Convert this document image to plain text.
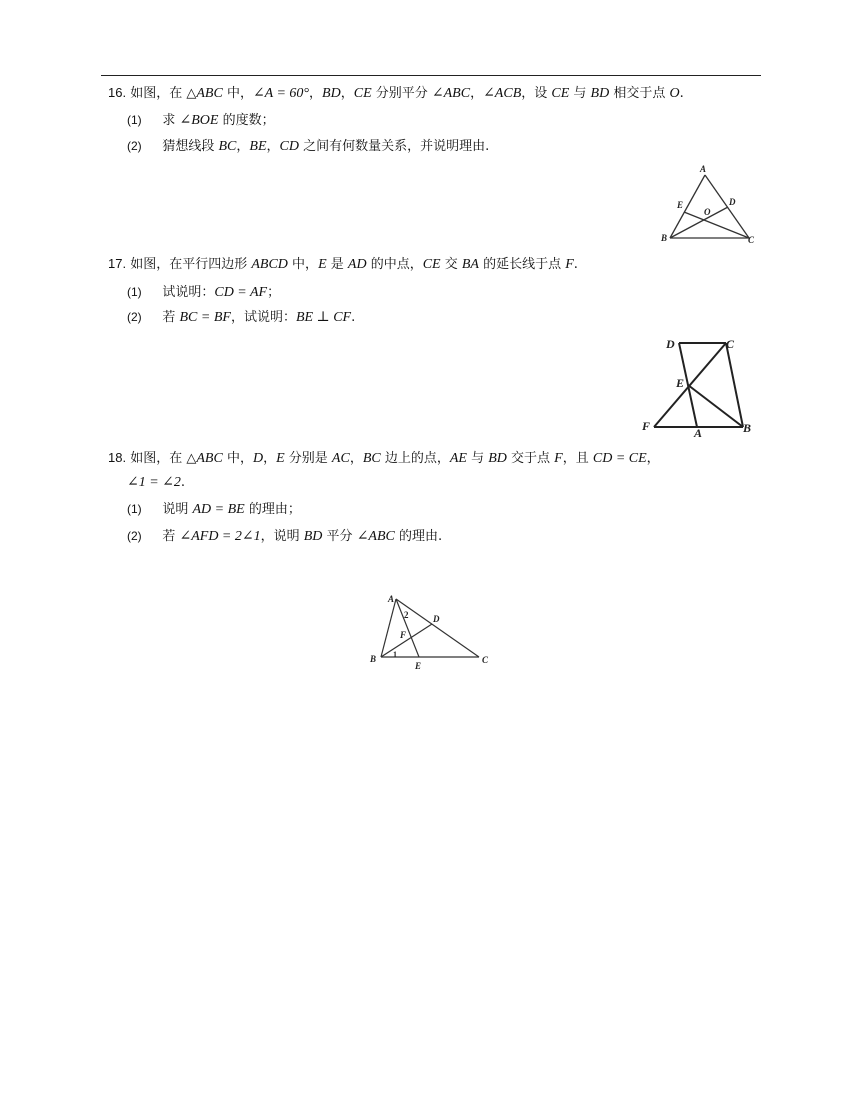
16. 如图，在 △ABC 中，∠A = 60°，BD，CE 分别平分 ∠ABC，∠ACB，设 CE 与 BD 相交于点 O.
(1) 求 ∠BOE 的度数；
(2) 猜想线段 BC，BE，CD 之间有何数量关系，并说明理由.
A
B	C
D
E
O
17. 如图，在平行四边形 ABCD 中，E 是 AD 的中点，CE 交 BA 的延长线于点 F.
(1) 试说明：CD = AF；
(2) 若 BC = BF，试说明：BE ⊥ CF.
D	C
E
F	A	B
18. 如图，在 △ABC 中，D，E 分别是 AC，BC 边上的点，AE 与 BD 交于点 F，且 CD = CE，
∠1 = ∠2.
(1) 说明 AD = BE 的理由；
(2) 若 ∠AFD = 2∠1，说明 BD 平分 ∠ABC 的理由.
A
2	D
F
B 1
E
C
